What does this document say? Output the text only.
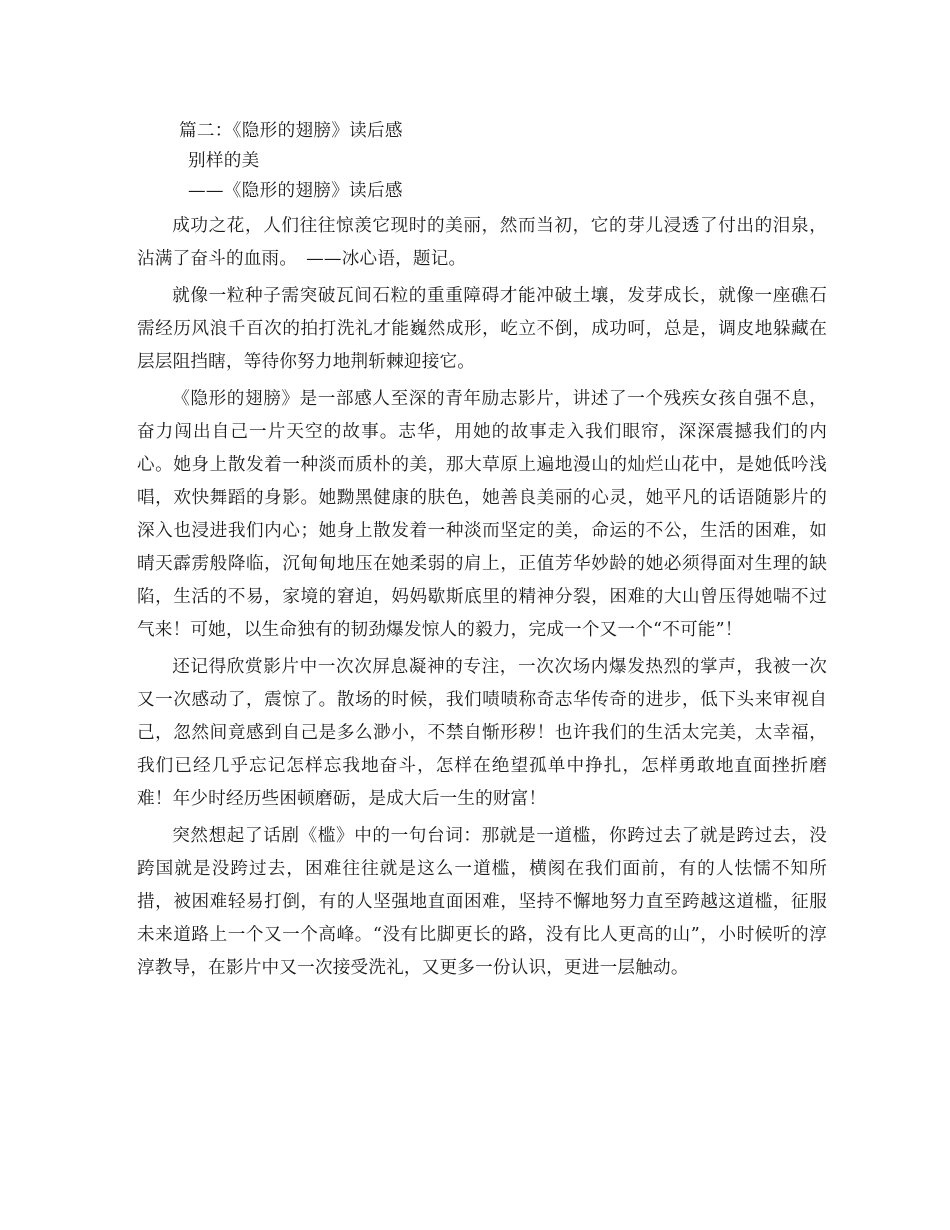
篇二：《隐形的翅膀》读后感
别样的美
——《隐形的翅膀》读后感

成功之花，人们往往惊羡它现时的美丽，然而当初，它的芽儿浸透了付出的泪泉，沾满了奋斗的血雨。　——冰心语，题记。

就像一粒种子需突破瓦间石粒的重重障碍才能冲破土壤，发芽成长，就像一座礁石需经历风浪千百次的拍打洗礼才能巍然成形，屹立不倒，成功呵，总是，调皮地躲藏在层层阻挡瞎，等待你努力地荆斩棘迎接它。

《隐形的翅膀》是一部感人至深的青年励志影片，讲述了一个残疾女孩自强不息，奋力闯出自己一片天空的故事。志华，用她的故事走入我们眼帘，深深震撼我们的内心。她身上散发着一种淡而质朴的美，那大草原上遍地漫山的灿烂山花中，是她低吟浅唱，欢快舞蹈的身影。她黝黑健康的肤色，她善良美丽的心灵，她平凡的话语随影片的深入也浸进我们内心；她身上散发着一种淡而坚定的美，命运的不公，生活的困难，如晴天霹雳般降临，沉甸甸地压在她柔弱的肩上，正值芳华妙龄的她必须得面对生理的缺陷，生活的不易，家境的窘迫，妈妈歇斯底里的精神分裂，困难的大山曾压得她喘不过气来！可她，以生命独有的韧劲爆发惊人的毅力，完成一个又一个“不可能”！

还记得欣赏影片中一次次屏息凝神的专注，一次次场内爆发热烈的掌声，我被一次又一次感动了，震惊了。散场的时候，我们啧啧称奇志华传奇的进步，低下头来审视自己，忽然间竟感到自己是多么渺小，不禁自惭形秽！也许我们的生活太完美，太幸福，我们已经几乎忘记怎样忘我地奋斗，怎样在绝望孤单中挣扎，怎样勇敢地直面挫折磨难！年少时经历些困顿磨砺，是成大后一生的财富！

突然想起了话剧《槛》中的一句台词：那就是一道槛，你跨过去了就是跨过去，没跨国就是没跨过去，困难往往就是这么一道槛，横阂在我们面前，有的人怯懦不知所措，被困难轻易打倒，有的人坚强地直面困难，坚持不懈地努力直至跨越这道槛，征服未来道路上一个又一个高峰。“没有比脚更长的路，没有比人更高的山”，小时候听的淳淳教导，在影片中又一次接受洗礼，又更多一份认识，更进一层触动。
